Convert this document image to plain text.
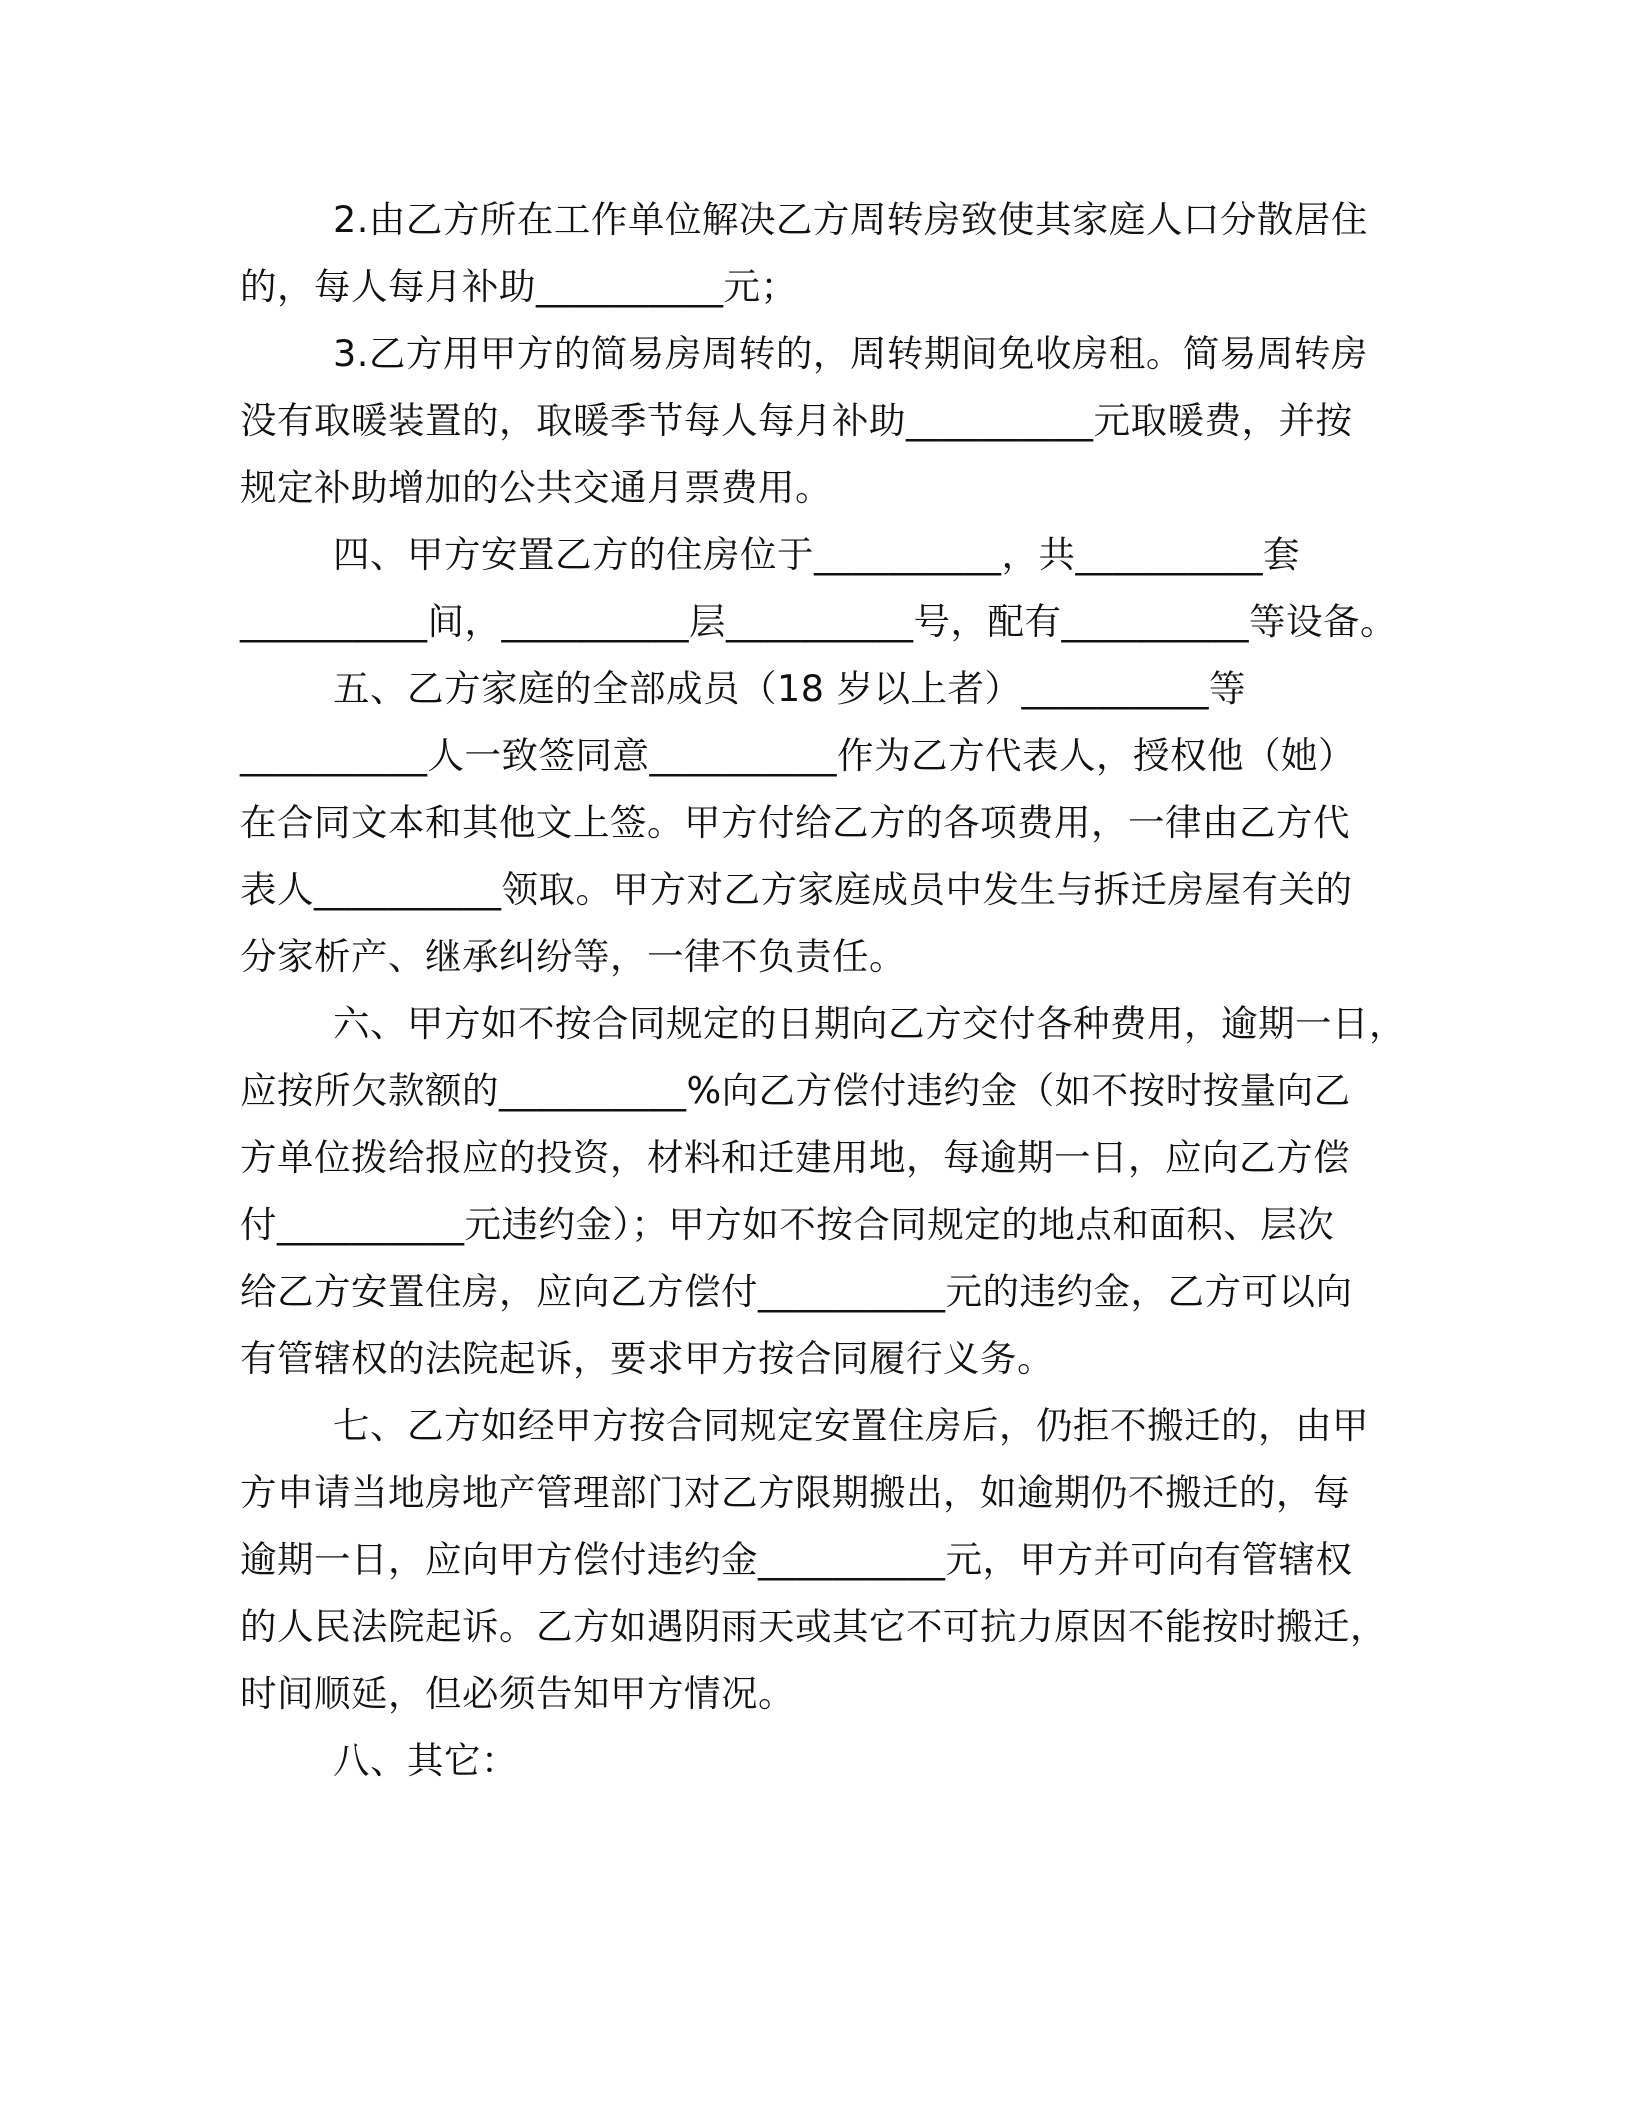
2.由乙方所在工作单位解决乙方周转房致使其家庭人口分散居住
的，每人每月补助__________元；
3.乙方用甲方的简易房周转的，周转期间免收房租。简易周转房
没有取暖装置的，取暖季节每人每月补助__________元取暖费，并按
规定补助增加的公共交通月票费用。
四、甲方安置乙方的住房位于__________，共__________套
__________间，__________层__________号，配有__________等设备。
五、乙方家庭的全部成员（18 岁以上者）__________等
__________人一致签同意__________作为乙方代表人，授权他（她）
在合同文本和其他文上签。甲方付给乙方的各项费用，一律由乙方代
表人__________领取。甲方对乙方家庭成员中发生与拆迁房屋有关的
分家析产、继承纠纷等，一律不负责任。
六、甲方如不按合同规定的日期向乙方交付各种费用，逾期一日，
应按所欠款额的__________%向乙方偿付违约金（如不按时按量向乙
方单位拨给报应的投资，材料和迁建用地，每逾期一日，应向乙方偿
付__________元违约金）；甲方如不按合同规定的地点和面积、层次
给乙方安置住房，应向乙方偿付__________元的违约金，乙方可以向
有管辖权的法院起诉，要求甲方按合同履行义务。
七、乙方如经甲方按合同规定安置住房后，仍拒不搬迁的，由甲
方申请当地房地产管理部门对乙方限期搬出，如逾期仍不搬迁的，每
逾期一日，应向甲方偿付违约金__________元，甲方并可向有管辖权
的人民法院起诉。乙方如遇阴雨天或其它不可抗力原因不能按时搬迁，
时间顺延，但必须告知甲方情况。
八、其它：
